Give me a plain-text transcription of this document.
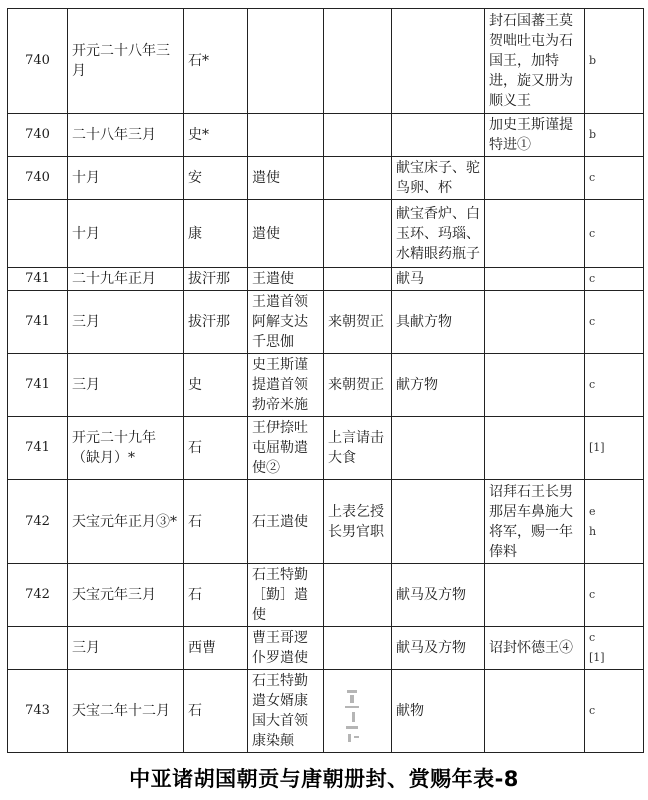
740	开元二十八年三月	石*				封石国蕃王莫贺咄吐屯为石国王，加特进，旋又册为顺义王	b

740	二十八年三月	史*				加史王斯谨提特进①	b

740	十月	安	遣使		献宝床子、驼鸟卵、杯		c

	十月	康	遣使		献宝香炉、白玉环、玛瑙、水精眼药瓶子		c

741	二十九年正月	拔汗那	王遣使		献马		c

741	三月	拔汗那	王遣首领阿解支达千思伽	来朝贺正	具献方物		c

741	三月	史	史王斯谨提遣首领勃帝米施	来朝贺正	献方物		c

741	开元二十九年（缺月）*	石	王伊捺吐屯屈勒遣使②	上言请击大食			[1]

742	天宝元年正月③*	石	石王遣使	上表乞授长男官职		诏拜石王长男那居车鼻施大将军，赐一年俸料	e
h

742	天宝元年三月	石	石王特勤［勤］遣使		献马及方物		c

	三月	西曹	曹王哥逻仆罗遣使		献马及方物	诏封怀德王④	c
[1]

743	天宝二年十二月	石	石王特勤遣女婿康国大首领康染颠		献物		c
中亚诸胡国朝贡与唐朝册封、赏赐年表-8
